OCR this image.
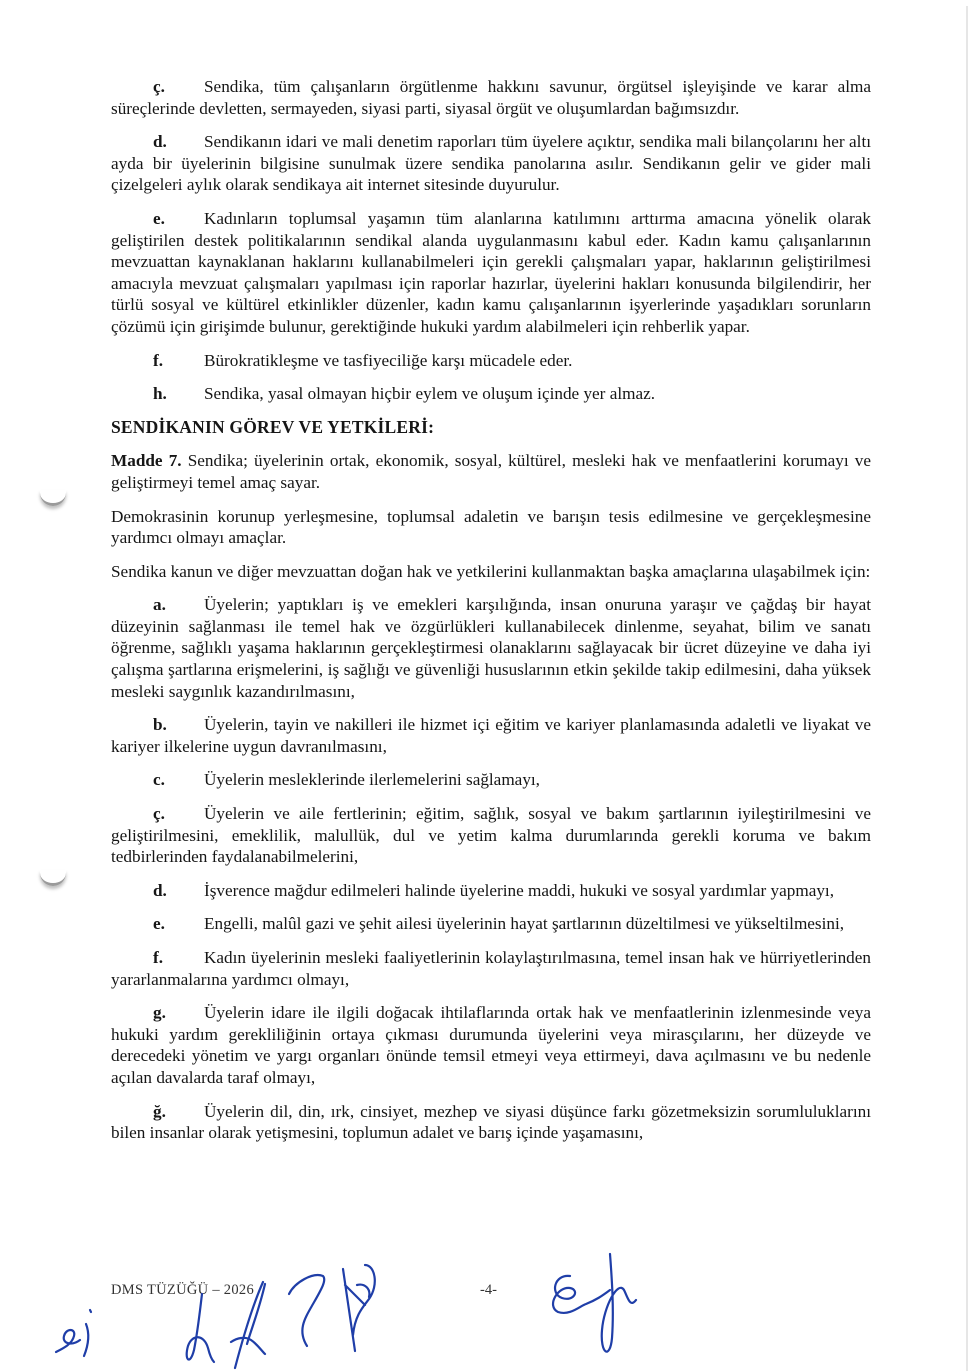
ç. Sendika, tüm çalışanların örgütlenme hakkını savunur, örgütsel işleyişinde ve karar alma süreçlerinde devletten, sermayeden, siyasi parti, siyasal örgüt ve oluşumlardan bağımsızdır.

d. Sendikanın idari ve mali denetim raporları tüm üyelere açıktır, sendika mali bilançolarını her altı ayda bir üyelerinin bilgisine sunulmak üzere sendika panolarına asılır. Sendikanın gelir ve gider mali çizelgeleri aylık olarak sendikaya ait internet sitesinde duyurulur.

e. Kadınların toplumsal yaşamın tüm alanlarına katılımını arttırma amacına yönelik olarak geliştirilen destek politikalarının sendikal alanda uygulanmasını kabul eder. Kadın kamu çalışanlarının mevzuattan kaynaklanan haklarını kullanabilmeleri için gerekli çalışmaları yapar, haklarının geliştirilmesi amacıyla mevzuat çalışmaları yapılması için raporlar hazırlar, üyelerini hakları konusunda bilgilendirir, her türlü sosyal ve kültürel etkinlikler düzenler, kadın kamu çalışanlarının işyerlerinde yaşadıkları sorunların çözümü için girişimde bulunur, gerektiğinde hukuki yardım alabilmeleri için rehberlik yapar.

f. Bürokratikleşme ve tasfiyeciliğe karşı mücadele eder.

h. Sendika, yasal olmayan hiçbir eylem ve oluşum içinde yer almaz.

SENDİKANIN GÖREV VE YETKİLERİ:

Madde 7. Sendika; üyelerinin ortak, ekonomik, sosyal, kültürel, mesleki hak ve menfaatlerini korumayı ve geliştirmeyi temel amaç sayar.

Demokrasinin korunup yerleşmesine, toplumsal adaletin ve barışın tesis edilmesine ve gerçekleşmesine yardımcı olmayı amaçlar.

Sendika kanun ve diğer mevzuattan doğan hak ve yetkilerini kullanmaktan başka amaçlarına ulaşabilmek için:

a. Üyelerin; yaptıkları iş ve emekleri karşılığında, insan onuruna yaraşır ve çağdaş bir hayat düzeyinin sağlanması ile temel hak ve özgürlükleri kullanabilecek dinlenme, seyahat, bilim ve sanatı öğrenme, sağlıklı yaşama haklarının gerçekleştirmesi olanaklarını sağlayacak bir ücret düzeyine ve daha iyi çalışma şartlarına erişmelerini, iş sağlığı ve güvenliği hususlarının etkin şekilde takip edilmesini, daha yüksek mesleki saygınlık kazandırılmasını,

b. Üyelerin, tayin ve nakilleri ile hizmet içi eğitim ve kariyer planlamasında adaletli ve liyakat ve kariyer ilkelerine uygun davranılmasını,

c. Üyelerin mesleklerinde ilerlemelerini sağlamayı,

ç. Üyelerin ve aile fertlerinin; eğitim, sağlık, sosyal ve bakım şartlarının iyileştirilmesini ve geliştirilmesini, emeklilik, malullük, dul ve yetim kalma durumlarında gerekli koruma ve bakım tedbirlerinden faydalanabilmelerini,

d. İşverence mağdur edilmeleri halinde üyelerine maddi, hukuki ve sosyal yardımlar yapmayı,

e. Engelli, malûl gazi ve şehit ailesi üyelerinin hayat şartlarının düzeltilmesi ve yükseltilmesini,

f. Kadın üyelerinin mesleki faaliyetlerinin kolaylaştırılmasına, temel insan hak ve hürriyetlerinden yararlanmalarına yardımcı olmayı,

g. Üyelerin idare ile ilgili doğacak ihtilaflarında ortak hak ve menfaatlerinin izlenmesinde veya hukuki yardım gerekliliğinin ortaya çıkması durumunda üyelerini veya mirasçılarını, her düzeyde ve derecedeki yönetim ve yargı organları önünde temsil etmeyi veya ettirmeyi, dava açılmasını ve bu nedenle açılan davalarda taraf olmayı,

ğ. Üyelerin dil, din, ırk, cinsiyet, mezhep ve siyasi düşünce farkı gözetmeksizin sorumluluklarını bilen insanlar olarak yetişmesini, toplumun adalet ve barış içinde yaşamasını,

DMS TÜZÜĞÜ – 2026	-4-
